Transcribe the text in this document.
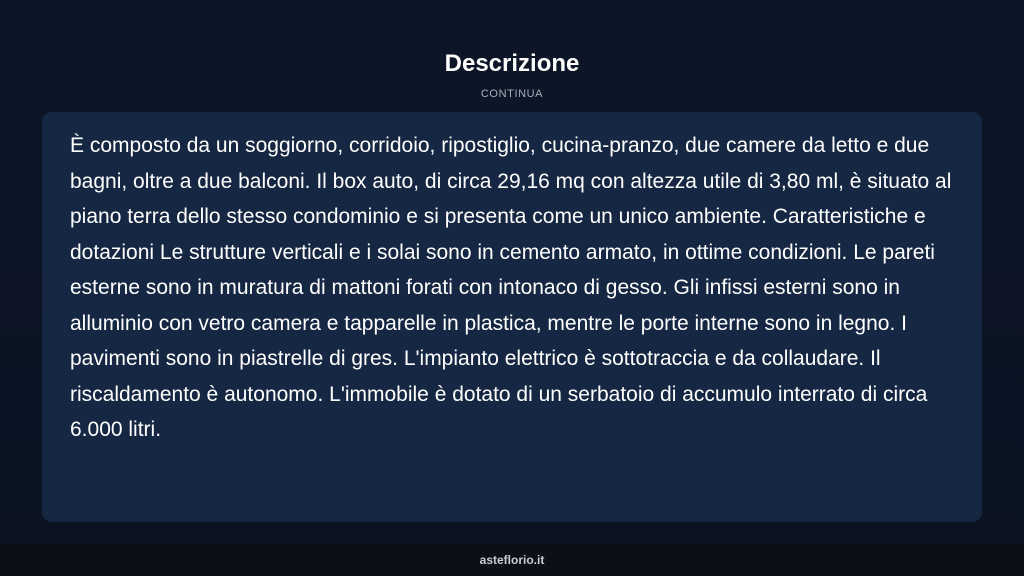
Descrizione
CONTINUA

È composto da un soggiorno, corridoio, ripostiglio, cucina-pranzo, due camere da letto e due bagni, oltre a due balconi. Il box auto, di circa 29,16 mq con altezza utile di 3,80 ml, è situato al piano terra dello stesso condominio e si presenta come un unico ambiente. Caratteristiche e dotazioni Le strutture verticali e i solai sono in cemento armato, in ottime condizioni. Le pareti esterne sono in muratura di mattoni forati con intonaco di gesso. Gli infissi esterni sono in alluminio con vetro camera e tapparelle in plastica, mentre le porte interne sono in legno. I pavimenti sono in piastrelle di gres. L'impianto elettrico è sottotraccia e da collaudare. Il riscaldamento è autonomo. L'immobile è dotato di un serbatoio di accumulo interrato di circa 6.000 litri.

asteflorio.it
